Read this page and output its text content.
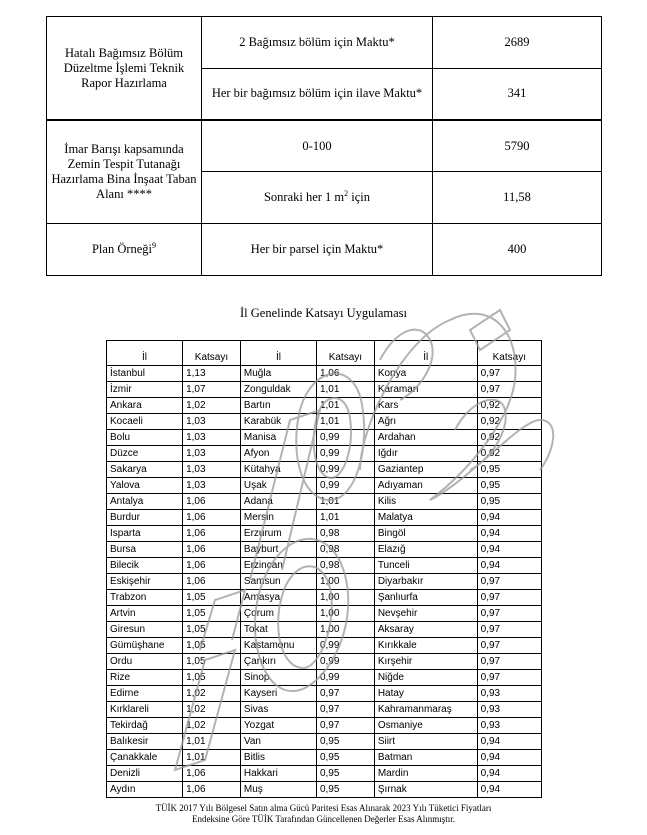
Hatalı Bağımsız Bölüm Düzeltme İşlemi Teknik Rapor Hazırlama	2 Bağımsız bölüm için Maktu*	2689
	Her bir bağımsız bölüm için ilave Maktu*	341
İmar Barışı kapsamında Zemin Tespit Tutanağı Hazırlama Bina İnşaat Taban Alanı ****	0-100	5790
	Sonraki her 1 $m^2$ için	11,58
Plan Örneği$^9$	Her bir parsel için Maktu*	400
İl Genelinde Katsayı Uygulaması
İl	Katsayı	İl	Katsayı	İl	Katsayı
İstanbul	1,13	Muğla	1,06	Konya	0,97
İzmir	1,07	Zonguldak	1,01	Karaman	0,97
Ankara	1,02	Bartın	1,01	Kars	0,92
Kocaeli	1,03	Karabük	1,01	Ağrı	0,92
Bolu	1,03	Manisa	0,99	Ardahan	0,92
Düzce	1,03	Afyon	0,99	Iğdır	0,92
Sakarya	1,03	Kütahya	0,99	Gaziantep	0,95
Yalova	1,03	Uşak	0,99	Adıyaman	0,95
Antalya	1,06	Adana	1,01	Kilis	0,95
Burdur	1,06	Mersin	1,01	Malatya	0,94
Isparta	1,06	Erzurum	0,98	Bingöl	0,94
Bursa	1,06	Bayburt	0,98	Elazığ	0,94
Bilecik	1,06	Erzincan	0,98	Tunceli	0,94
Eskişehir	1,06	Samsun	1,00	Diyarbakır	0,97
Trabzon	1,05	Amasya	1,00	Şanlıurfa	0,97
Artvin	1,05	Çorum	1,00	Nevşehir	0,97
Giresun	1,05	Tokat	1,00	Aksaray	0,97
Gümüşhane	1,05	Kastamonu	0,99	Kırıkkale	0,97
Ordu	1,05	Çankırı	0,99	Kırşehir	0,97
Rize	1,05	Sinop	0,99	Niğde	0,97
Edirne	1,02	Kayseri	0,97	Hatay	0,93
Kırklareli	1,02	Sivas	0,97	Kahramanmaraş	0,93
Tekirdağ	1,02	Yozgat	0,97	Osmaniye	0,93
Balıkesir	1,01	Van	0,95	Siirt	0,94
Çanakkale	1,01	Bitlis	0,95	Batman	0,94
Denizli	1,06	Hakkari	0,95	Mardin	0,94
Aydın	1,06	Muş	0,95	Şırnak	0,94
TÜİK 2017 Yılı Bölgesel Satın alma Gücü Paritesi Esas Alınarak 2023 Yılı Tüketici Fiyatları
Endeksine Göre TÜİK Tarafından Güncellenen Değerler Esas Alınmıştır.
